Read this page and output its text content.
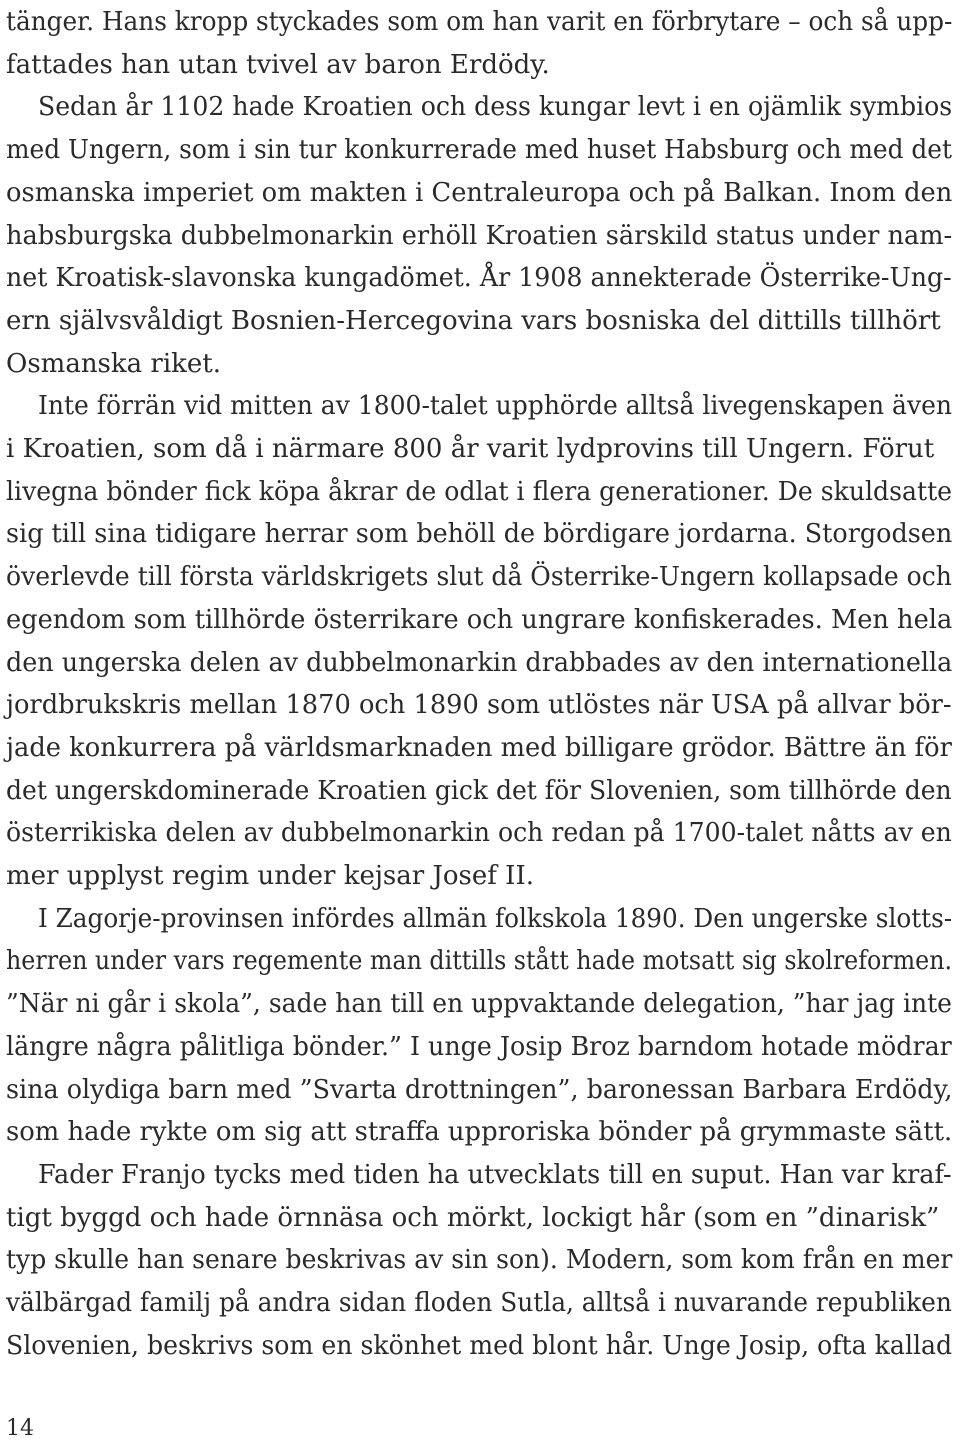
tänger. Hans kropp styckades som om han varit en förbrytare – och så upp-
fattades han utan tvivel av baron Erdödy.
Sedan år 1102 hade Kroatien och dess kungar levt i en ojämlik symbios
med Ungern, som i sin tur konkurrerade med huset Habsburg och med det
osmanska imperiet om makten i Centraleuropa och på Balkan. Inom den
habsburgska dubbelmonarkin erhöll Kroatien särskild status under nam-
net Kroatisk-slavonska kungadömet. År 1908 annekterade Österrike-Ung-
ern självsvåldigt Bosnien-Hercegovina vars bosniska del dittills tillhört
Osmanska riket.
Inte förrän vid mitten av 1800-talet upphörde alltså livegenskapen även
i Kroatien, som då i närmare 800 år varit lydprovins till Ungern. Förut
livegna bönder fick köpa åkrar de odlat i flera generationer. De skuldsatte
sig till sina tidigare herrar som behöll de bördigare jordarna. Storgodsen
överlevde till första världskrigets slut då Österrike-Ungern kollapsade och
egendom som tillhörde österrikare och ungrare konfiskerades. Men hela
den ungerska delen av dubbelmonarkin drabbades av den internationella
jordbrukskris mellan 1870 och 1890 som utlöstes när USA på allvar bör-
jade konkurrera på världsmarknaden med billigare grödor. Bättre än för
det ungerskdominerade Kroatien gick det för Slovenien, som tillhörde den
österrikiska delen av dubbelmonarkin och redan på 1700-talet nåtts av en
mer upplyst regim under kejsar Josef II.
I Zagorje-provinsen infördes allmän folkskola 1890. Den ungerske slotts-
herren under vars regemente man dittills stått hade motsatt sig skolreformen.
”När ni går i skola”, sade han till en uppvaktande delegation, ”har jag inte
längre några pålitliga bönder.” I unge Josip Broz barndom hotade mödrar
sina olydiga barn med ”Svarta drottningen”, baronessan Barbara Erdödy,
som hade rykte om sig att straffa upproriska bönder på grymmaste sätt.
Fader Franjo tycks med tiden ha utvecklats till en suput. Han var kraf-
tigt byggd och hade örnnäsa och mörkt, lockigt hår (som en ”dinarisk”
typ skulle han senare beskrivas av sin son). Modern, som kom från en mer
välbärgad familj på andra sidan floden Sutla, alltså i nuvarande republiken
Slovenien, beskrivs som en skönhet med blont hår. Unge Josip, ofta kallad
14
